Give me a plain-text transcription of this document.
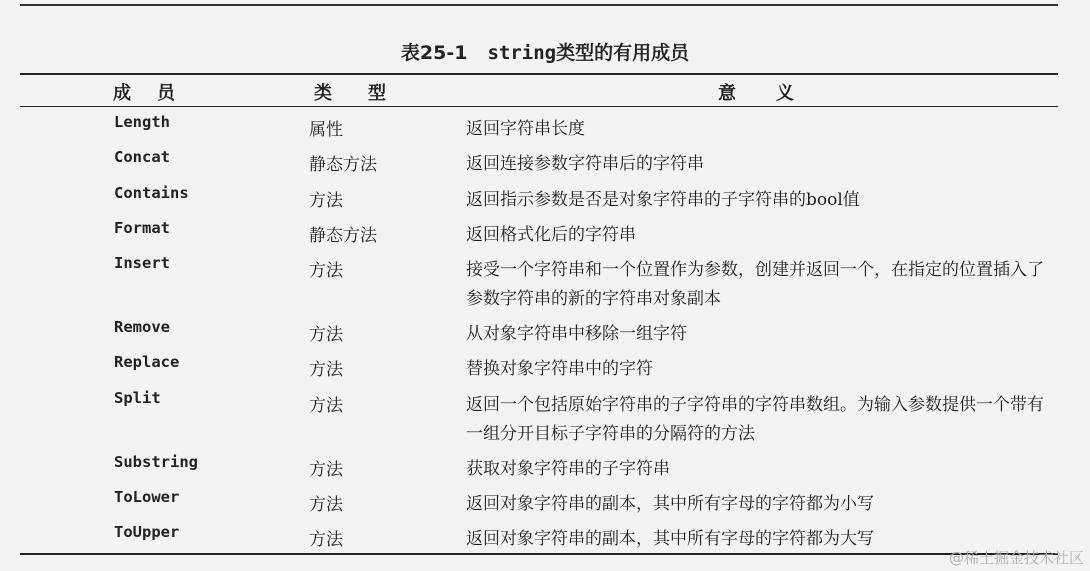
表25-1 string类型的有用成员
成员	类型	意义
Length	属性	返回字符串长度
Concat	静态方法	返回连接参数字符串后的字符串
Contains	方法	返回指示参数是否是对象字符串的子字符串的bool值
Format	静态方法	返回格式化后的字符串
Insert	方法	接受一个字符串和一个位置作为参数，创建并返回一个，在指定的位置插入了参数字符串的新的字符串对象副本
Remove	方法	从对象字符串中移除一组字符
Replace	方法	替换对象字符串中的字符
Split	方法	返回一个包括原始字符串的子字符串的字符串数组。为输入参数提供一个带有一组分开目标子字符串的分隔符的方法
Substring	方法	获取对象字符串的子字符串
ToLower	方法	返回对象字符串的副本，其中所有字母的字符都为小写
ToUpper	方法	返回对象字符串的副本，其中所有字母的字符都为大写
@稀土掘金技术社区
